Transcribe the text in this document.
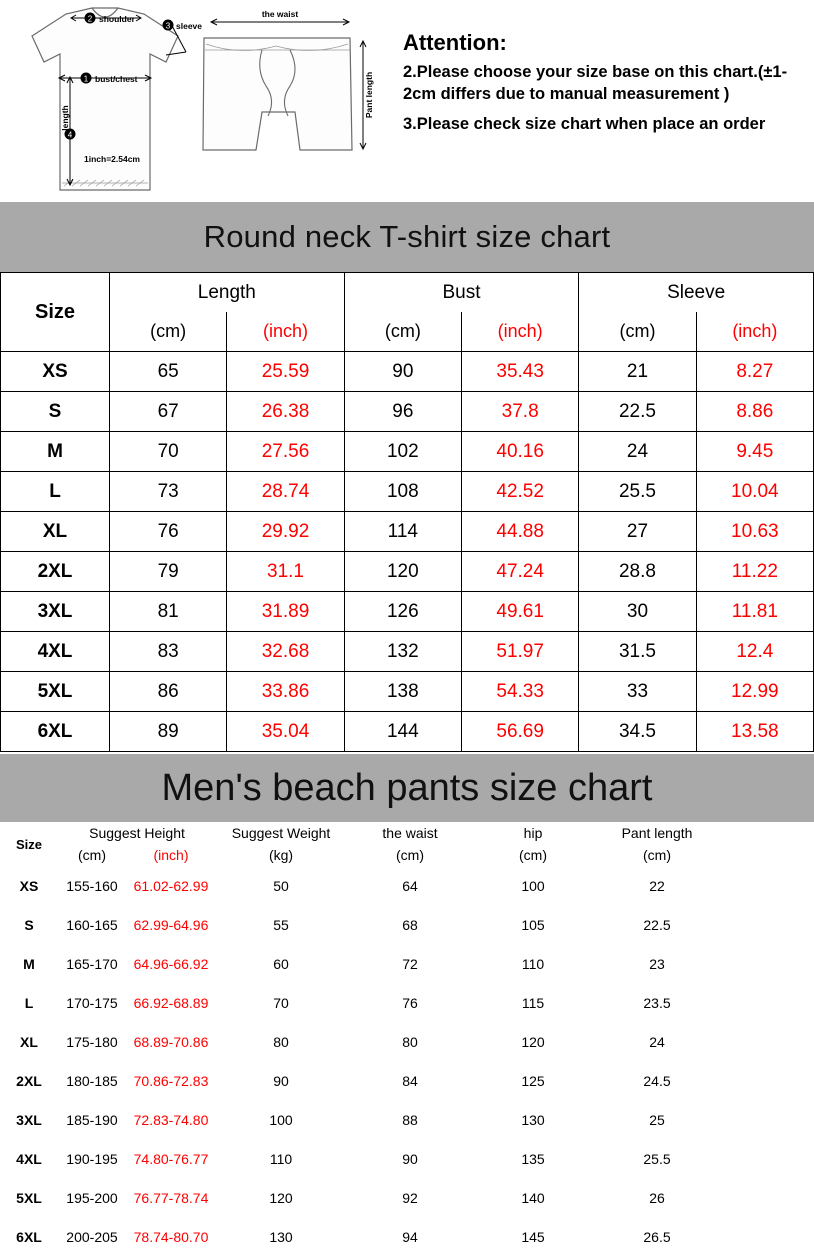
2 shoulder
3 sleeve
1 bust/chest
4
length
1inch=2.54cm
the waist
Pant length
Attention:
2.Please choose your size base on this chart.(±1-2cm differs due to manual measurement )
3.Please check size chart when place an order
Round neck T-shirt size chart
Size	Length		Bust		Sleeve	
	(cm)	(inch)	(cm)	(inch)	(cm)	(inch)
XS	65	25.59	90	35.43	21	8.27
S	67	26.38	96	37.8	22.5	8.86
M	70	27.56	102	40.16	24	9.45
L	73	28.74	108	42.52	25.5	10.04
XL	76	29.92	114	44.88	27	10.63
2XL	79	31.1	120	47.24	28.8	11.22
3XL	81	31.89	126	49.61	30	11.81
4XL	83	32.68	132	51.97	31.5	12.4
5XL	86	33.86	138	54.33	33	12.99
6XL	89	35.04	144	56.69	34.5	13.58
Men's beach pants size chart
Size	Suggest Height		Suggest Weight	the waist	hip	Pant length	
	(cm)	(inch)	(kg)	(cm)	(cm)	(cm)	
XS	155-160	61.02-62.99	50	64	100	22	
S	160-165	62.99-64.96	55	68	105	22.5	
M	165-170	64.96-66.92	60	72	110	23	
L	170-175	66.92-68.89	70	76	115	23.5	
XL	175-180	68.89-70.86	80	80	120	24	
2XL	180-185	70.86-72.83	90	84	125	24.5	
3XL	185-190	72.83-74.80	100	88	130	25	
4XL	190-195	74.80-76.77	110	90	135	25.5	
5XL	195-200	76.77-78.74	120	92	140	26	
6XL	200-205	78.74-80.70	130	94	145	26.5	
